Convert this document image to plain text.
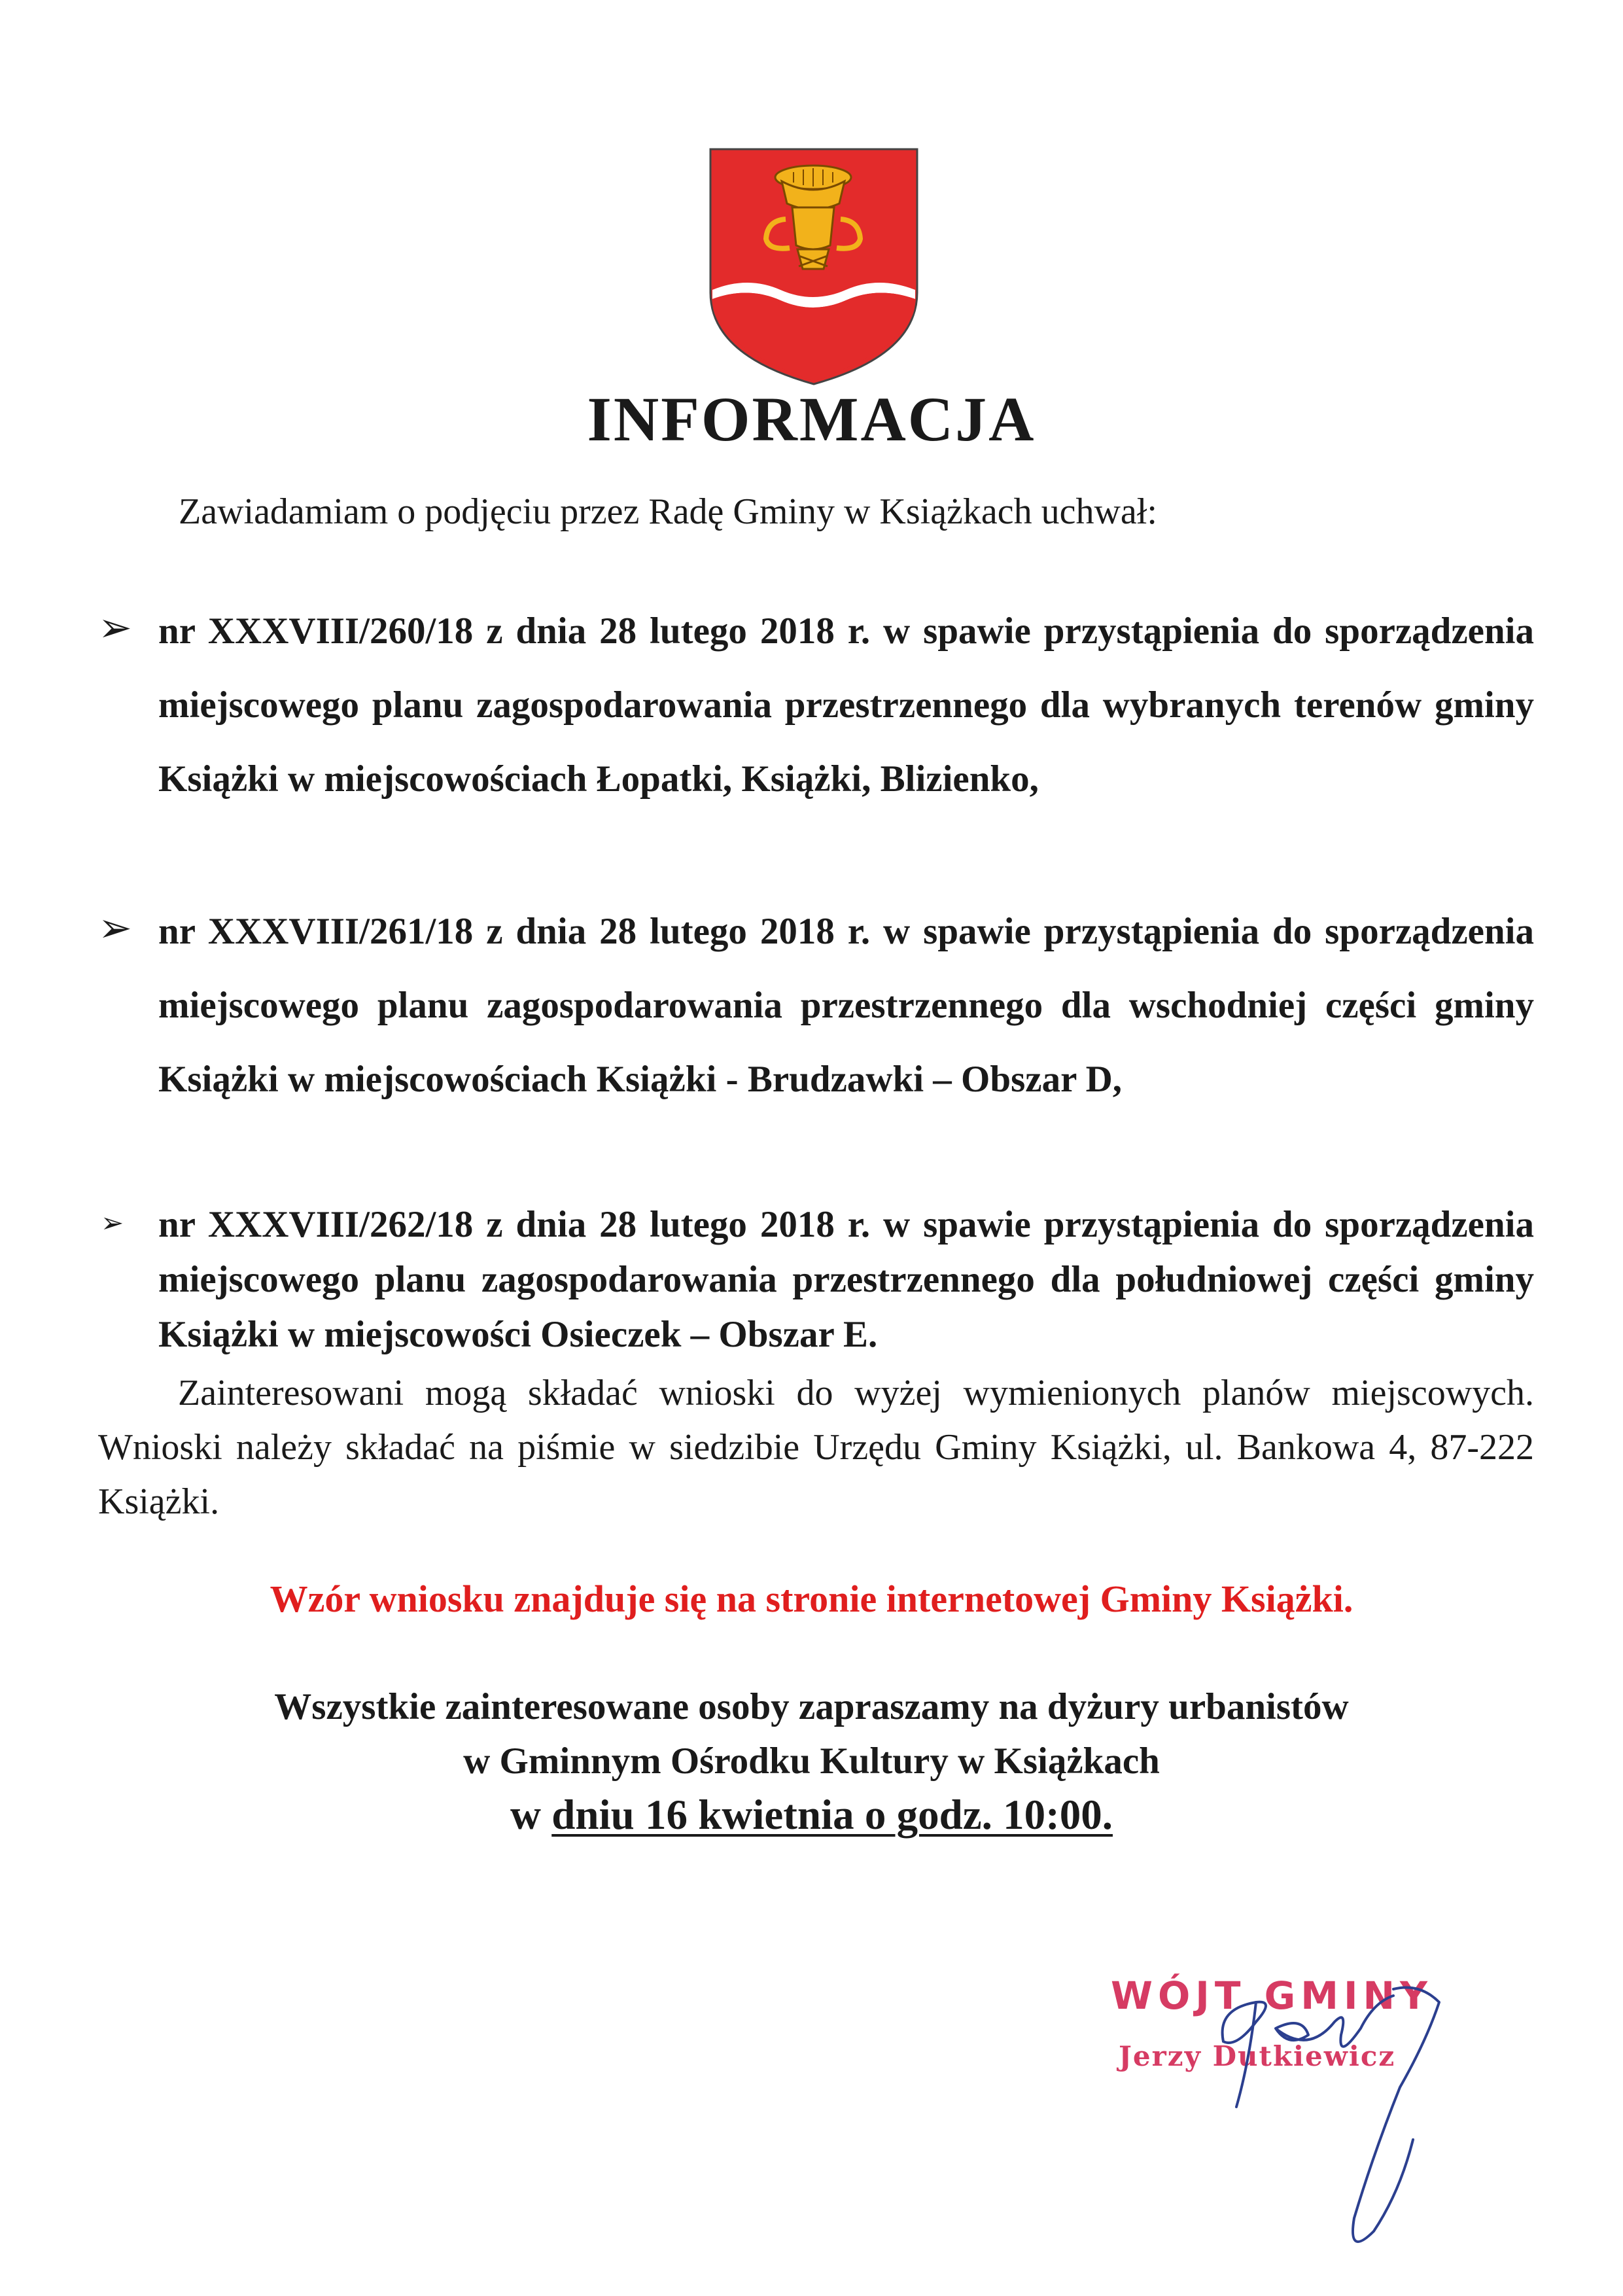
INFORMACJA
Zawiadamiam o podjęciu przez Radę Gminy w Książkach uchwał:
➢ nr XXXVIII/260/18 z dnia 28 lutego 2018 r. w spawie przystąpienia do sporządzenia miejscowego planu zagospodarowania przestrzennego dla wybranych terenów gminy Książki w miejscowościach Łopatki, Książki, Blizienko,
➢ nr XXXVIII/261/18 z dnia 28 lutego 2018 r. w spawie przystąpienia do sporządzenia miejscowego planu zagospodarowania przestrzennego dla wschodniej części gminy Książki w miejscowościach Książki - Brudzawki – Obszar D,
➢ nr XXXVIII/262/18 z dnia 28 lutego 2018 r. w spawie przystąpienia do sporządzenia miejscowego planu zagospodarowania przestrzennego dla południowej części gminy Książki w miejscowości Osieczek – Obszar E.
Zainteresowani mogą składać wnioski do wyżej wymienionych planów miejscowych. Wnioski należy składać na piśmie w siedzibie Urzędu Gminy Książki, ul. Bankowa 4, 87-222 Książki.
Wzór wniosku znajduje się na stronie internetowej Gminy Książki.
Wszystkie zainteresowane osoby zapraszamy na dyżury urbanistów
w Gminnym Ośrodku Kultury w Książkach
w dniu 16 kwietnia o godz. 10:00.
WÓJT GMINY
Jerzy Dutkiewicz
